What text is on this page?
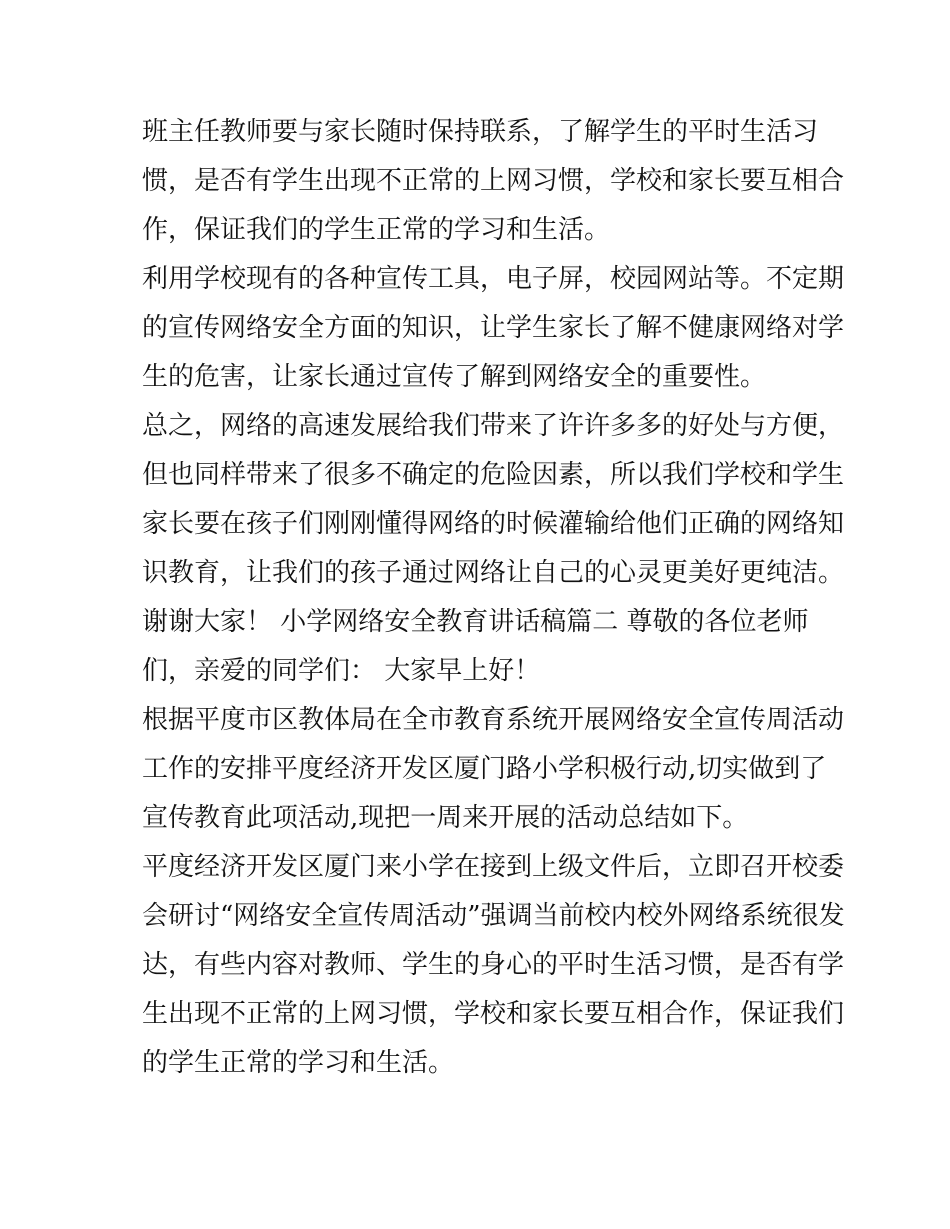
班主任教师要与家长随时保持联系，了解学生的平时生活习
惯，是否有学生出现不正常的上网习惯，学校和家长要互相合
作，保证我们的学生正常的学习和生活。
利用学校现有的各种宣传工具，电子屏，校园网站等。不定期
的宣传网络安全方面的知识，让学生家长了解不健康网络对学
生的危害，让家长通过宣传了解到网络安全的重要性。
总之，网络的高速发展给我们带来了许许多多的好处与方便，
但也同样带来了很多不确定的危险因素，所以我们学校和学生
家长要在孩子们刚刚懂得网络的时候灌输给他们正确的网络知
识教育，让我们的孩子通过网络让自己的心灵更美好更纯洁。
谢谢大家！ 小学网络安全教育讲话稿篇二 尊敬的各位老师
们，亲爱的同学们： 大家早上好！
根据平度市区教体局在全市教育系统开展网络安全宣传周活动
工作的安排平度经济开发区厦门路小学积极行动,切实做到了
宣传教育此项活动,现把一周来开展的活动总结如下。
平度经济开发区厦门来小学在接到上级文件后，立即召开校委
会研讨“网络安全宣传周活动”强调当前校内校外网络系统很发
达，有些内容对教师、学生的身心的平时生活习惯，是否有学
生出现不正常的上网习惯，学校和家长要互相合作，保证我们
的学生正常的学习和生活。
